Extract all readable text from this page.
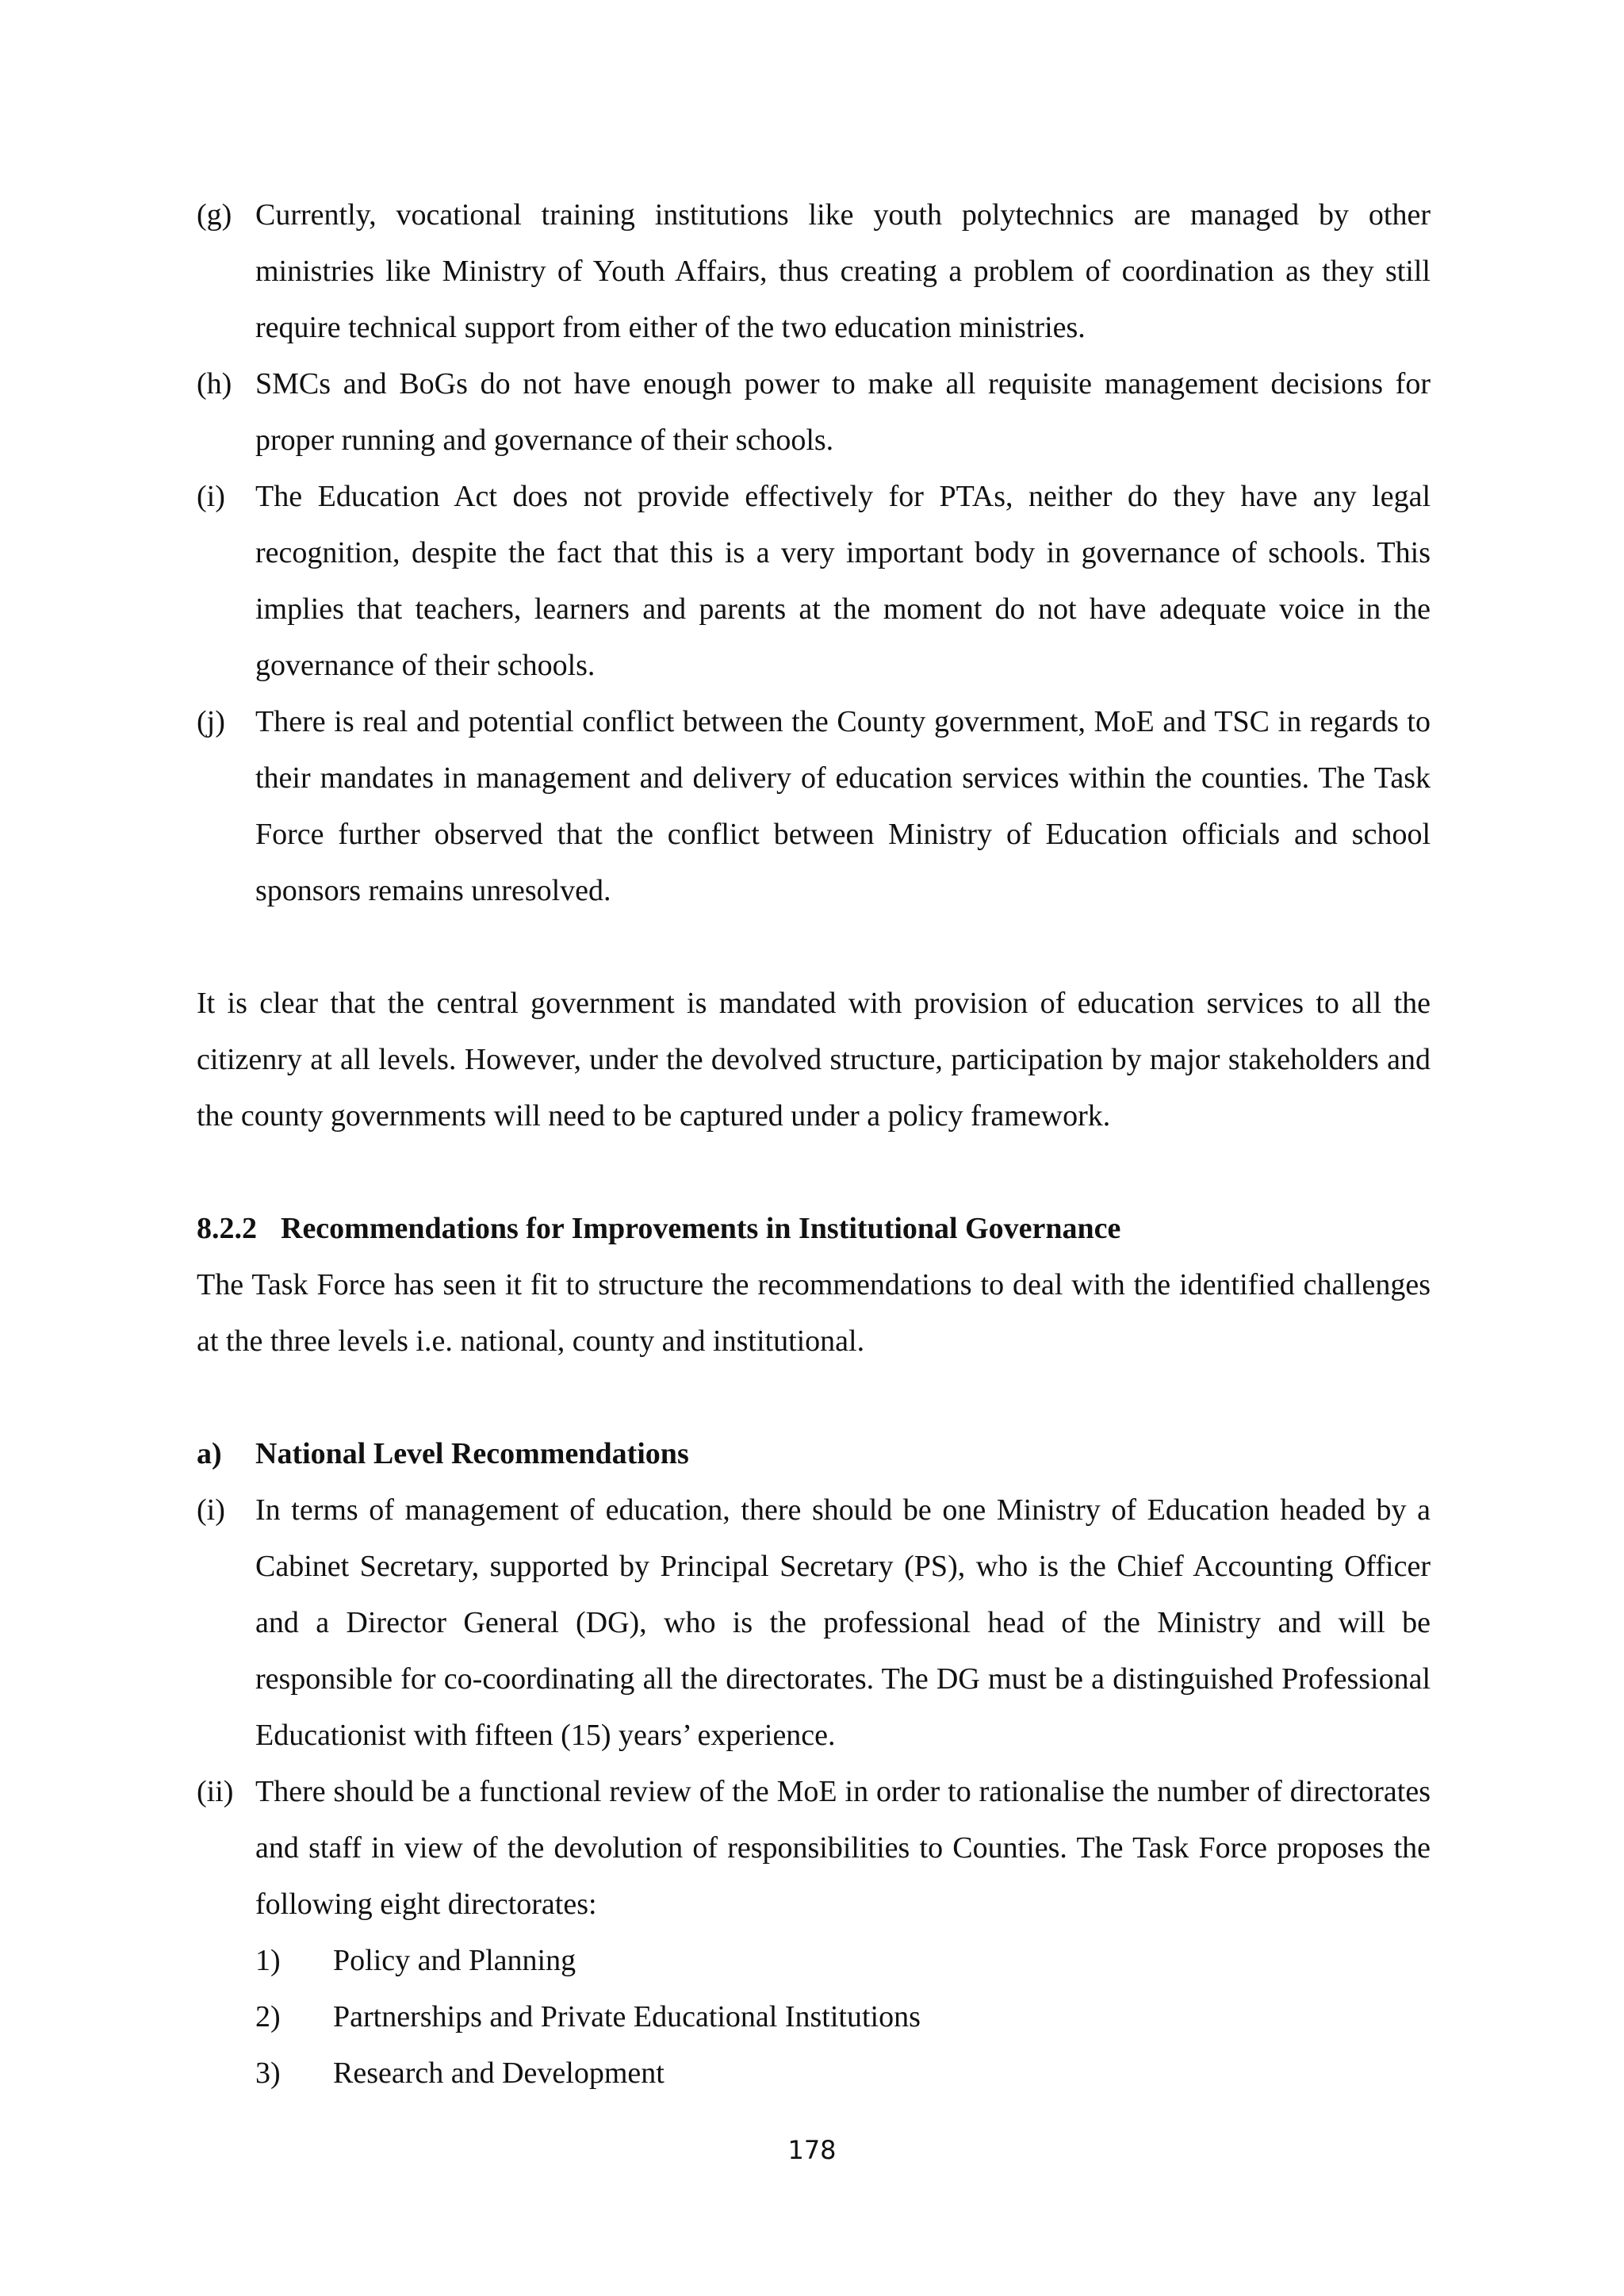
(g) Currently, vocational training institutions like youth polytechnics are managed by other ministries like Ministry of Youth Affairs, thus creating a problem of coordination as they still require technical support from either of the two education ministries.
(h) SMCs and BoGs do not have enough power to make all requisite management decisions for proper running and governance of their schools.
(i) The Education Act does not provide effectively for PTAs, neither do they have any legal recognition, despite the fact that this is a very important body in governance of schools. This implies that teachers, learners and parents at the moment do not have adequate voice in the governance of their schools.
(j) There is real and potential conflict between the County government, MoE and TSC in regards to their mandates in management and delivery of education services within the counties. The Task Force further observed that the conflict between Ministry of Education officials and school sponsors remains unresolved.
It is clear that the central government is mandated with provision of education services to all the citizenry at all levels. However, under the devolved structure, participation by major stakeholders and the county governments will need to be captured under a policy framework.
8.2.2 Recommendations for Improvements in Institutional Governance
The Task Force has seen it fit to structure the recommendations to deal with the identified challenges at the three levels i.e. national, county and institutional.
a) National Level Recommendations
(i) In terms of management of education, there should be one Ministry of Education headed by a Cabinet Secretary, supported by Principal Secretary (PS), who is the Chief Accounting Officer and a Director General (DG), who is the professional head of the Ministry and will be responsible for co-coordinating all the directorates. The DG must be a distinguished Professional Educationist with fifteen (15) years’ experience.
(ii) There should be a functional review of the MoE in order to rationalise the number of directorates and staff in view of the devolution of responsibilities to Counties. The Task Force proposes the following eight directorates:
1) Policy and Planning
2) Partnerships and Private Educational Institutions
3) Research and Development
178
